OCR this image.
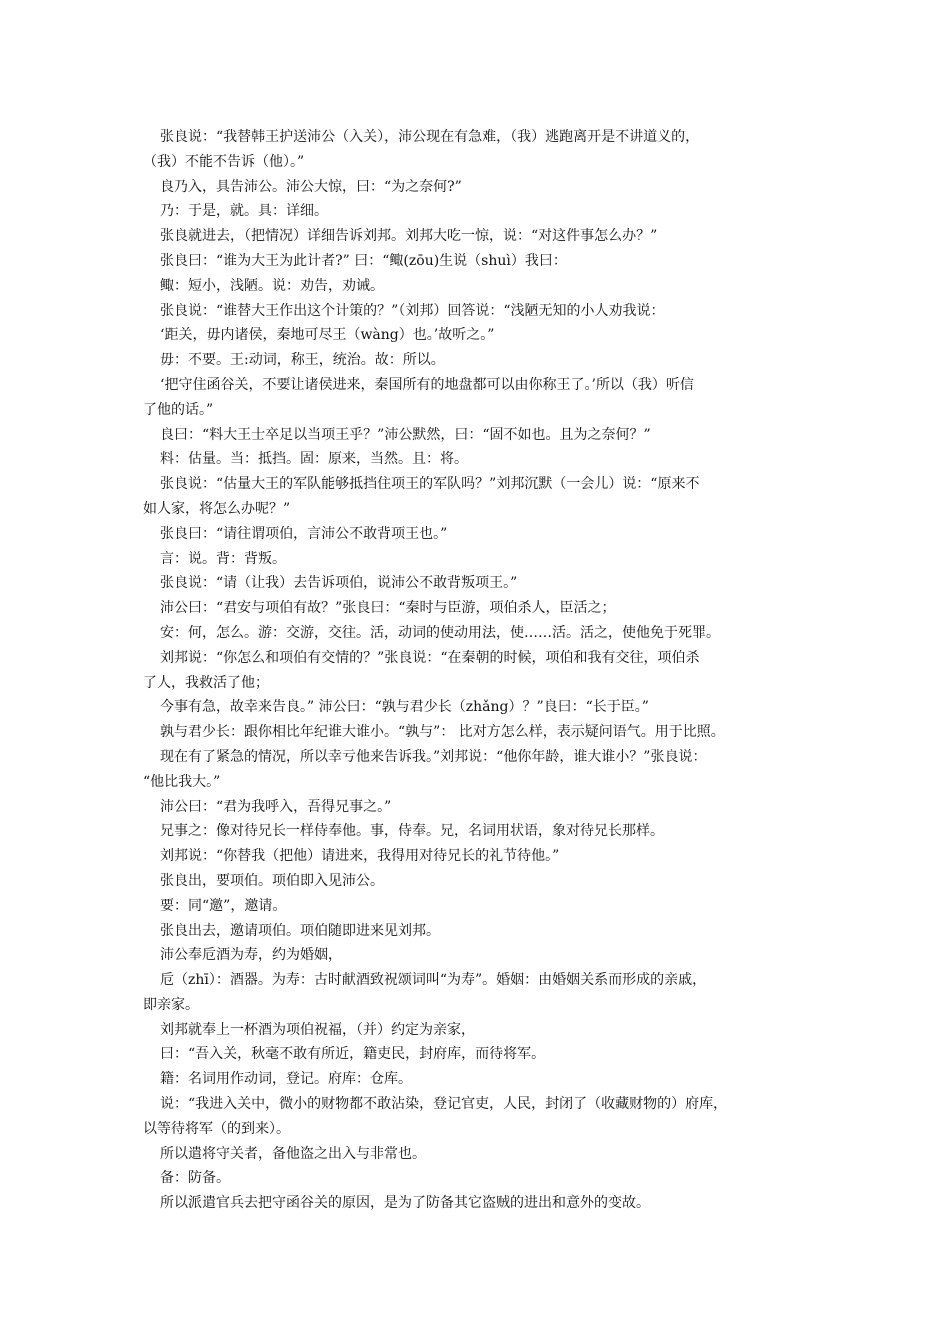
张良说：“我替韩王护送沛公（入关），沛公现在有急难，（我）逃跑离开是不讲道义的，
（我）不能不告诉（他）。”
良乃入，具告沛公。沛公大惊，曰：“为之奈何?”
乃：于是，就。具：详细。
张良就进去，（把情况）详细告诉刘邦。刘邦大吃一惊，说：“对这件事怎么办？”
张良曰：“谁为大王为此计者?” 曰：“鲰(zōu)生说（shuì）我曰：
鲰：短小，浅陋。说：劝告，劝诫。
张良说：“谁替大王作出这个计策的？”（刘邦）回答说：“浅陋无知的小人劝我说：
‘距关，毋内诸侯，秦地可尽王（wàng）也。’故听之。”
毋：不要。王:动词，称王，统治。故：所以。
‘把守住函谷关，不要让诸侯进来，秦国所有的地盘都可以由你称王了。’所以（我）听信
了他的话。”
良曰：“料大王士卒足以当项王乎？”沛公默然，曰：“固不如也。且为之奈何？”
料：估量。当：抵挡。固：原来，当然。且：将。
张良说：“估量大王的军队能够抵挡住项王的军队吗？”刘邦沉默（一会儿）说：“原来不
如人家，将怎么办呢？”
张良曰：“请往谓项伯，言沛公不敢背项王也。”
言：说。背：背叛。
张良说：“请（让我）去告诉项伯，说沛公不敢背叛项王。”
沛公曰：“君安与项伯有故？”张良曰：“秦时与臣游，项伯杀人，臣活之；
安：何，怎么。游：交游，交往。活，动词的使动用法，使……活。活之，使他免于死罪。
刘邦说：“你怎么和项伯有交情的？”张良说：“在秦朝的时候，项伯和我有交往，项伯杀
了人，我救活了他；
今事有急，故幸来告良。” 沛公曰：“孰与君少长（zhǎng）？”良曰：“长于臣。”
孰与君少长：跟你相比年纪谁大谁小。“孰与”： 比对方怎么样，表示疑问语气。用于比照。
现在有了紧急的情况，所以幸亏他来告诉我。”刘邦说：“他你年龄，谁大谁小？”张良说：
“他比我大。”
沛公曰：“君为我呼入，吾得兄事之。”
兄事之：像对待兄长一样侍奉他。事，侍奉。兄，名词用状语，象对待兄长那样。
刘邦说：“你替我（把他）请进来，我得用对待兄长的礼节待他。”
张良出，要项伯。项伯即入见沛公。
要：同“邀”，邀请。
张良出去，邀请项伯。项伯随即进来见刘邦。
沛公奉卮酒为寿，约为婚姻，
卮（zhī）：酒器。为寿：古时献酒致祝颂词叫“为寿”。婚姻：由婚姻关系而形成的亲戚，
即亲家。
刘邦就奉上一杯酒为项伯祝福，（并）约定为亲家，
曰：“吾入关，秋毫不敢有所近，籍吏民，封府库，而待将军。
籍：名词用作动词，登记。府库：仓库。
说：“我进入关中，微小的财物都不敢沾染，登记官吏，人民，封闭了（收藏财物的）府库，
以等待将军（的到来）。
所以遣将守关者，备他盗之出入与非常也。
备：防备。
所以派遣官兵去把守函谷关的原因，是为了防备其它盗贼的进出和意外的变故。
